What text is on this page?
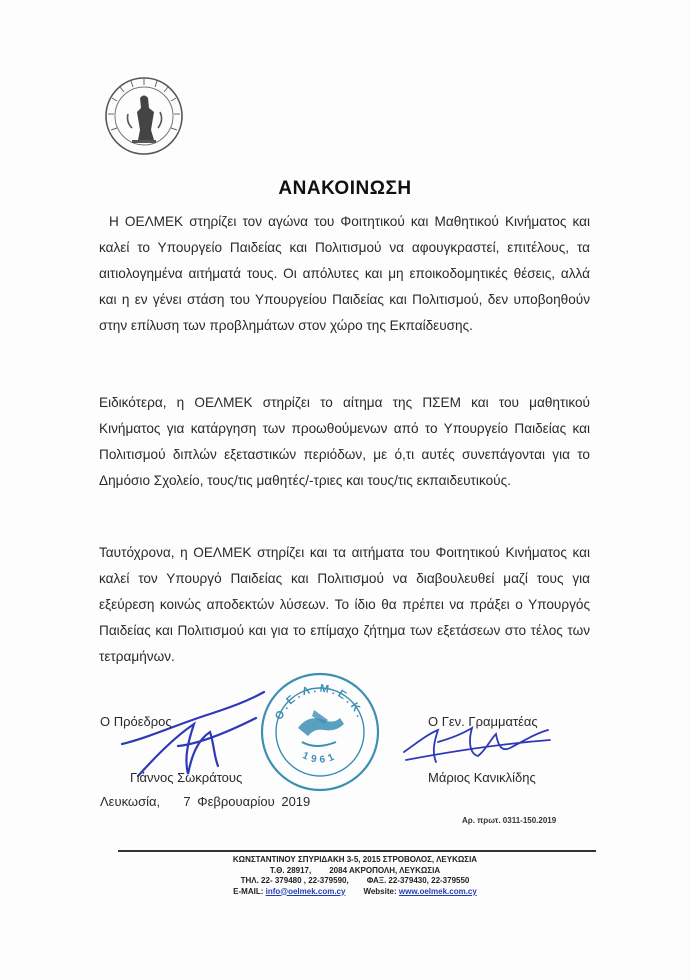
ΑΝΑΚΟΙΝΩΣΗ

Η ΟΕΛΜΕΚ στηρίζει τον αγώνα του Φοιτητικού και Μαθητικού Κινήματος και καλεί το Υπουργείο Παιδείας και Πολιτισμού να αφουγκραστεί, επιτέλους, τα αιτιολογημένα αιτήματά τους. Οι απόλυτες και μη εποικοδομητικές θέσεις, αλλά και η εν γένει στάση του Υπουργείου Παιδείας και Πολιτισμού, δεν υποβοηθούν στην επίλυση των προβλημάτων στον χώρο της Εκπαίδευσης.

Ειδικότερα, η ΟΕΛΜΕΚ στηρίζει το αίτημα της ΠΣΕΜ και του μαθητικού Κινήματος για κατάργηση των προωθούμενων από το Υπουργείο Παιδείας και Πολιτισμού διπλών εξεταστικών περιόδων, με ό,τι αυτές συνεπάγονται για το Δημόσιο Σχολείο, τους/τις μαθητές/-τριες και τους/τις εκπαιδευτικούς.

Ταυτόχρονα, η ΟΕΛΜΕΚ στηρίζει και τα αιτήματα του Φοιτητικού Κινήματος και καλεί τον Υπουργό Παιδείας και Πολιτισμού να διαβουλευθεί μαζί τους για εξεύρεση κοινώς αποδεκτών λύσεων. Το ίδιο θα πρέπει να πράξει ο Υπουργός Παιδείας και Πολιτισμού και για το επίμαχο ζήτημα των εξετάσεων στο τέλος των τετραμήνων.

Ο.Ε.Λ.Μ.Ε.Κ.
1961
Ο Πρόεδρος	Ο Γεν. Γραμματέας
Γιάννος Σωκράτους	Μάριος Κανικλίδης
Λευκωσία, 7 Φεβρουαρίου 2019
Αρ. πρωτ. 0311-150.2019
ΚΩΝΣΤΑΝΤΙΝΟΥ ΣΠΥΡΙΔΑΚΗ 3-5, 2015 ΣΤΡΟΒΟΛΟΣ, ΛΕΥΚΩΣΙΑ
Τ.Θ. 28917, 2084 ΑΚΡΟΠΟΛΗ, ΛΕΥΚΩΣΙΑ
ΤΗΛ. 22- 379480 , 22-379590, ΦΑΞ. 22-379430, 22-379550
E-MAIL: info@oelmek.com.cy Website: www.oelmek.com.cy
